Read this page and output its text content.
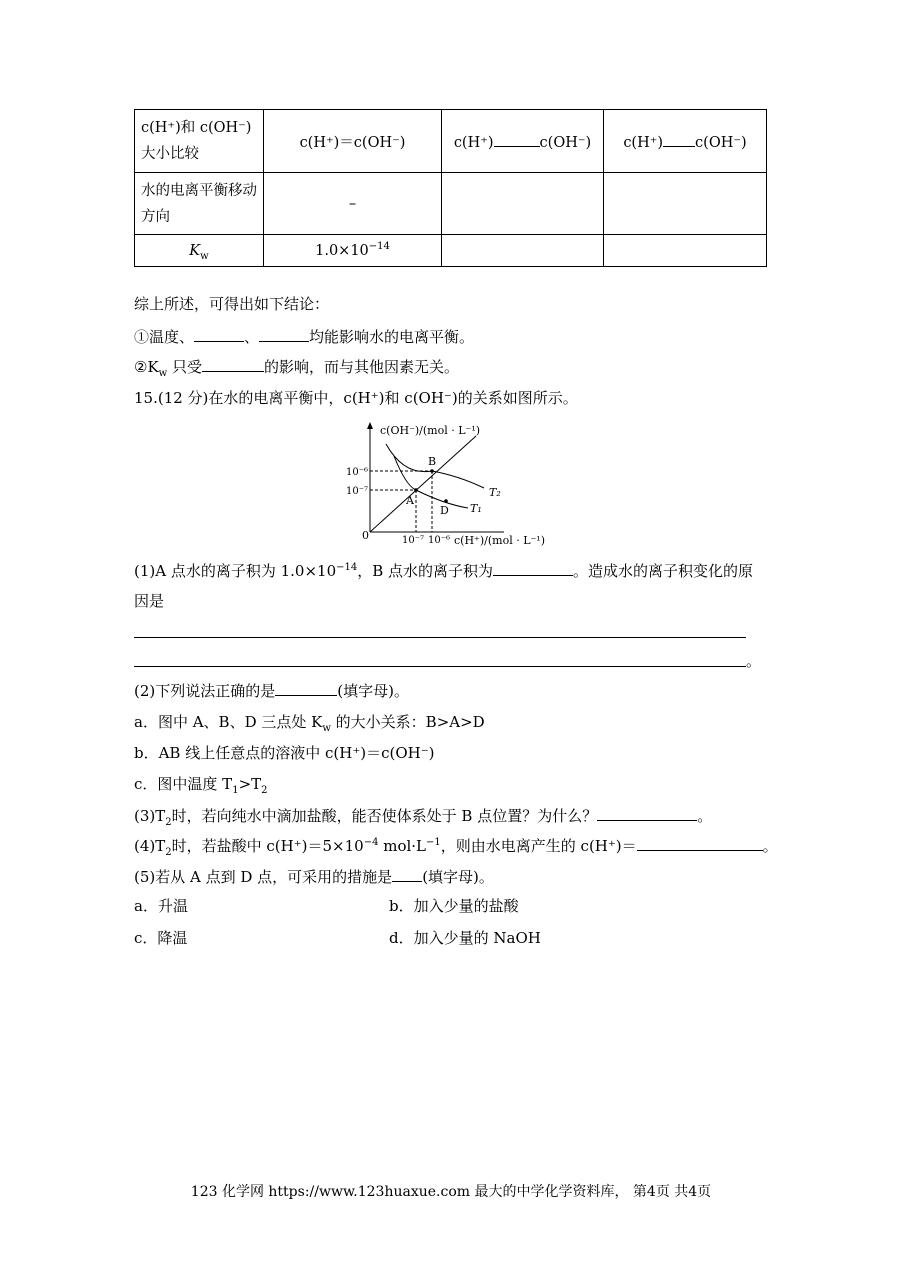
c(H⁺)和 c(OH⁻)大小比较	c(H⁺)＝c(OH⁻)	c(H⁺) c(OH⁻)	c(H⁺) c(OH⁻)
水的电离平衡移动方向	–		
$K_w$	$1.0\times 10^{-14}$		
综上所述，可得出如下结论：
①温度、	、	均能影响水的电离平衡。
$②K_w$ 只受	的影响，而与其他因素无关。
15.(12 分)在水的电离平衡中，c(H⁺)和 c(OH⁻)的关系如图所示。
c(OH⁻)/(mol · L⁻¹)
c(H⁺)/(mol · L⁻¹)
0
10⁻⁶
10⁻⁷
10⁻⁷ 10⁻⁶
B
A
D
T₂
T₁
(1)A 点水的离子积为 $1.0\times 10^{-14}$，B 点水的离子积为	。造成水的离子积变化的原
因是
。
(2)下列说法正确的是	(填字母)。
a．图中 A、B、D 三点处 $K_w$ 的大小关系：B>A>D
b．AB 线上任意点的溶液中 c(H⁺)＝c(OH⁻)
c．图中温度 $T_1>T_2$
$(3)T_2$时，若向纯水中滴加盐酸，能否使体系处于 B 点位置？为什么？	。
$(4)T_2$时，若盐酸中 $c(H^+)=5\times 10^{-4}$ $mol\cdot L^{-1}$，则由水电离产生的 c(H⁺)＝	。
(5)若从 A 点到 D 点，可采用的措施是 (填字母)。
a．升温	b．加入少量的盐酸
c．降温	d．加入少量的 NaOH
123 化学网 https://www.123huaxue.com 最大的中学化学资料库， 第4页 共4页
